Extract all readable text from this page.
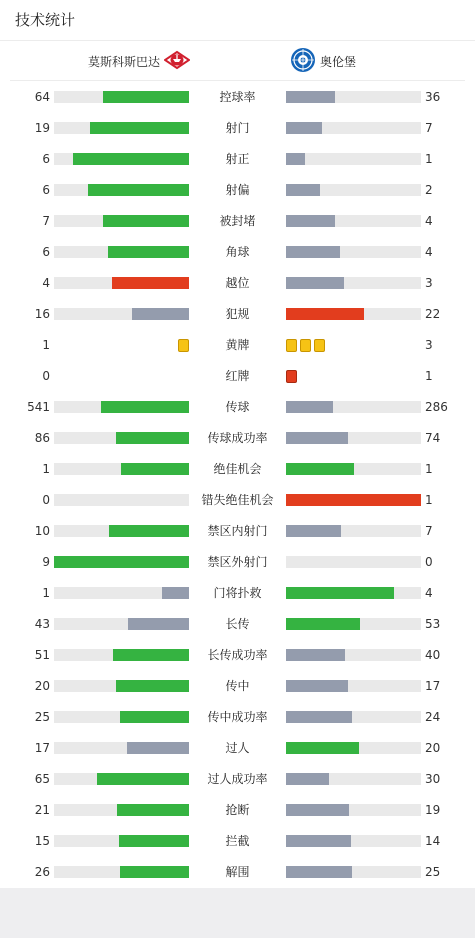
技术统计
莫斯科斯巴达	奥伦堡
64	控球率	36
19	射门	7
6	射正	1
6	射偏	2
7	被封堵	4
6	角球	4
4	越位	3
16	犯规	22
1	黄牌	3
0	红牌	1
541	传球	286
86	传球成功率	74
1	绝佳机会	1
0	错失绝佳机会	1
10	禁区内射门	7
9	禁区外射门	0
1	门将扑救	4
43	长传	53
51	长传成功率	40
20	传中	17
25	传中成功率	24
17	过人	20
65	过人成功率	30
21	抢断	19
15	拦截	14
26	解围	25
